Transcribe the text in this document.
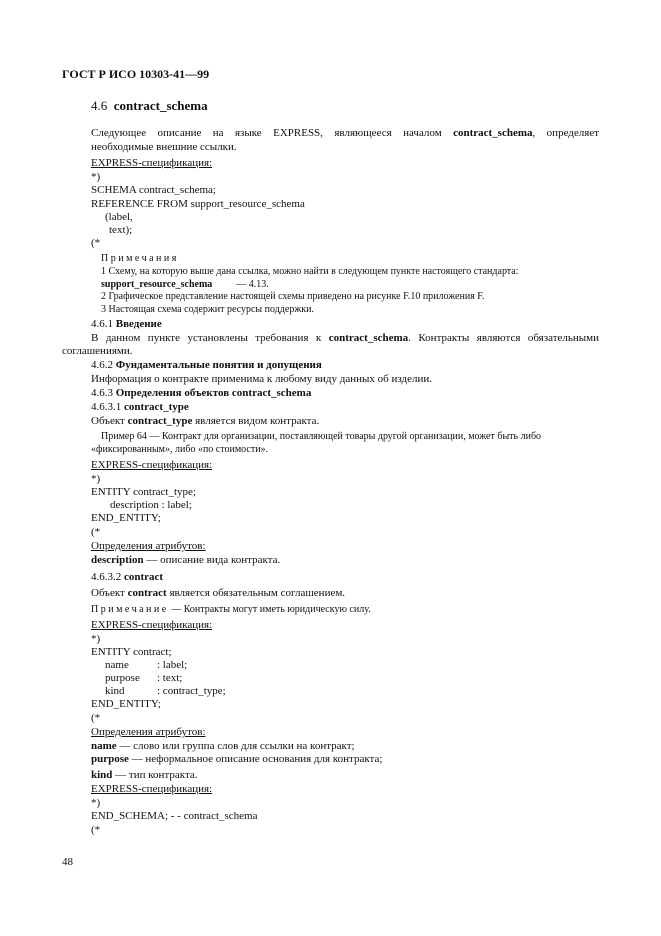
ГОСТ Р ИСО 10303-41—99
4.6 contract_schema
Следующее описание на языке EXPRESS, являющееся началом contract_schema, определяет
необходимые внешние ссылки.
EXPRESS-спецификация:
*)
SCHEMA contract_schema;
REFERENCE FROM support_resource_schema
(label,
text);
(*
Примечания
1 Схему, на которую выше дана ссылка, можно найти в следующем пункте настоящего стандарта:
support_resource_schema — 4.13.
2 Графическое представление настоящей схемы приведено на рисунке F.10 приложения F.
3 Настоящая схема содержит ресурсы поддержки.
4.6.1 Введение
В данном пункте установлены требования к contract_schema. Контракты являются обязательными
соглашениями.
4.6.2 Фундаментальные понятия и допущения
Информация о контракте применима к любому виду данных об изделии.
4.6.3 Определения объектов contract_schema
4.6.3.1 contract_type
Объект contract_type является видом контракта.
Пример 64 — Контракт для организации, поставляющей товары другой организации, может быть либо
«фиксированным», либо «по стоимости».
EXPRESS-спецификация:
*)
ENTITY contract_type;
description : label;
END_ENTITY;
(*
Определения атрибутов:
description — описание вида контракта.
4.6.3.2 contract
Объект contract является обязательным соглашением.
Примечание — Контракты могут иметь юридическую силу.
EXPRESS-спецификация:
*)
ENTITY contract;
name	: label;
purpose : text;
kind	: contract_type;
END_ENTITY;
(*
Определения атрибутов:
name — слово или группа слов для ссылки на контракт;
purpose — неформальное описание основания для контракта;
kind — тип контракта.
EXPRESS-спецификация:
*)
END_SCHEMA; - - contract_schema
(*
48
